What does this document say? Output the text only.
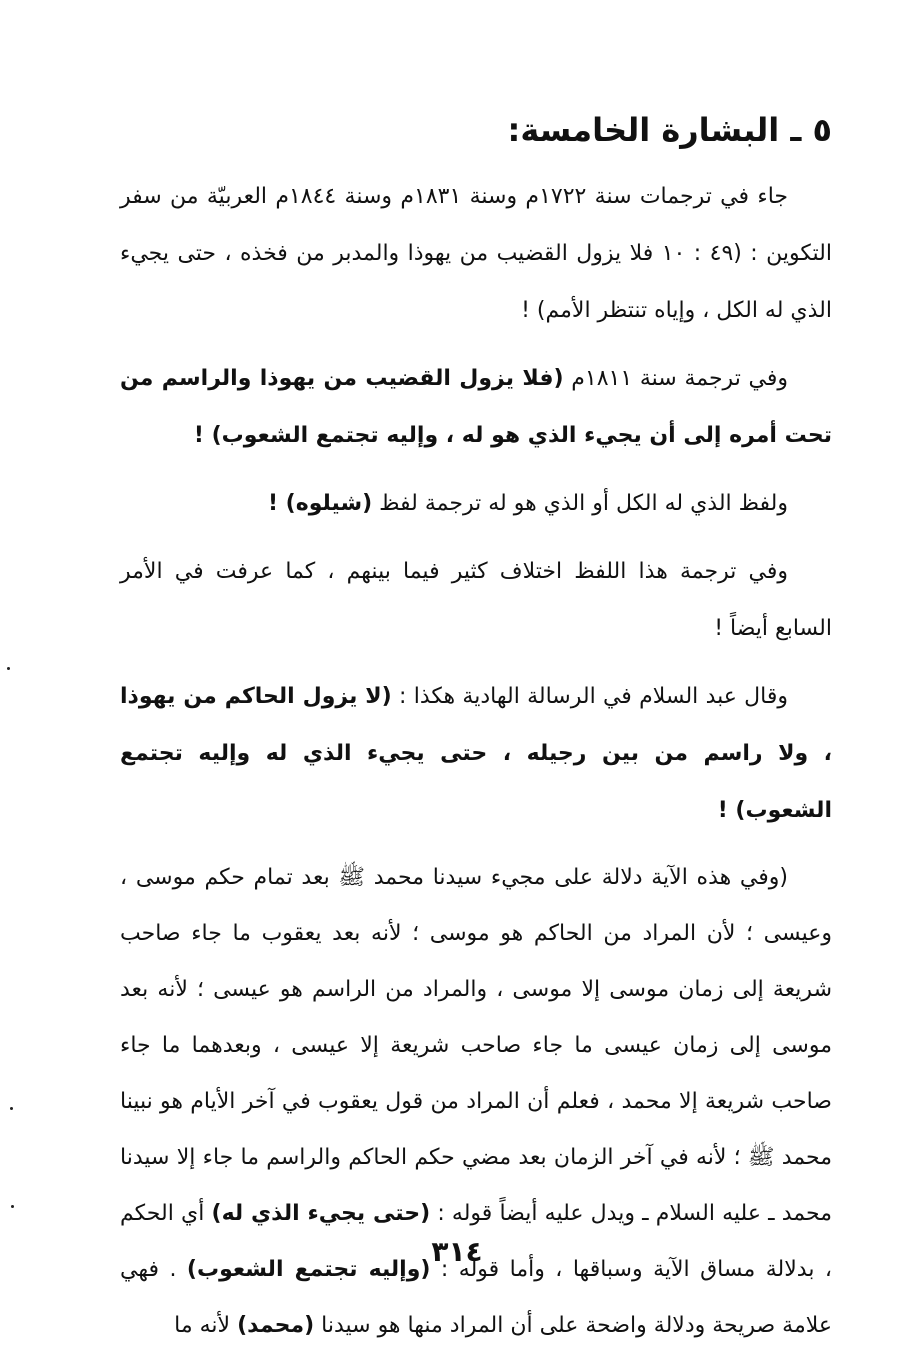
٥ ـ البشارة الخامسة:

جاء في ترجمات سنة ١٧٢٢م وسنة ١٨٣١م وسنة ١٨٤٤م العربيّة من سفر التكوين : (٤٩ : ١٠ فلا يزول القضيب من يهوذا والمدبر من فخذه ، حتى يجيء الذي له الكل ، وإياه تنتظر الأمم) !

وفي ترجمة سنة ١٨١١م (فلا يزول القضيب من يهوذا والراسم من تحت أمره إلى أن يجيء الذي هو له ، وإليه تجتمع الشعوب) !

ولفظ الذي له الكل أو الذي هو له ترجمة لفظ (شيلوه) !

وفي ترجمة هذا اللفظ اختلاف كثير فيما بينهم ، كما عرفت في الأمر السابع أيضاً !

وقال عبد السلام في الرسالة الهادية هكذا : (لا يزول الحاكم من يهوذا ، ولا راسم من بين رجيله ، حتى يجيء الذي له وإليه تجتمع الشعوب) !

(وفي هذه الآية دلالة على مجيء سيدنا محمد ﷺ بعد تمام حكم موسى ، وعيسى ؛ لأن المراد من الحاكم هو موسى ؛ لأنه بعد يعقوب ما جاء صاحب شريعة إلى زمان موسى إلا موسى ، والمراد من الراسم هو عيسى ؛ لأنه بعد موسى إلى زمان عيسى ما جاء صاحب شريعة إلا عيسى ، وبعدهما ما جاء صاحب شريعة إلا محمد ، فعلم أن المراد من قول يعقوب في آخر الأيام هو نبينا محمد ﷺ ؛ لأنه في آخر الزمان بعد مضي حكم الحاكم والراسم ما جاء إلا سيدنا محمد ـ عليه السلام ـ ويدل عليه أيضاً قوله : (حتى يجيء الذي له) أي الحكم ، بدلالة مساق الآية وسباقها ، وأما قوله : (وإليه تجتمع الشعوب) . فهي علامة صريحة ودلالة واضحة على أن المراد منها هو سيدنا (محمد) لأنه ما

٣١٤
